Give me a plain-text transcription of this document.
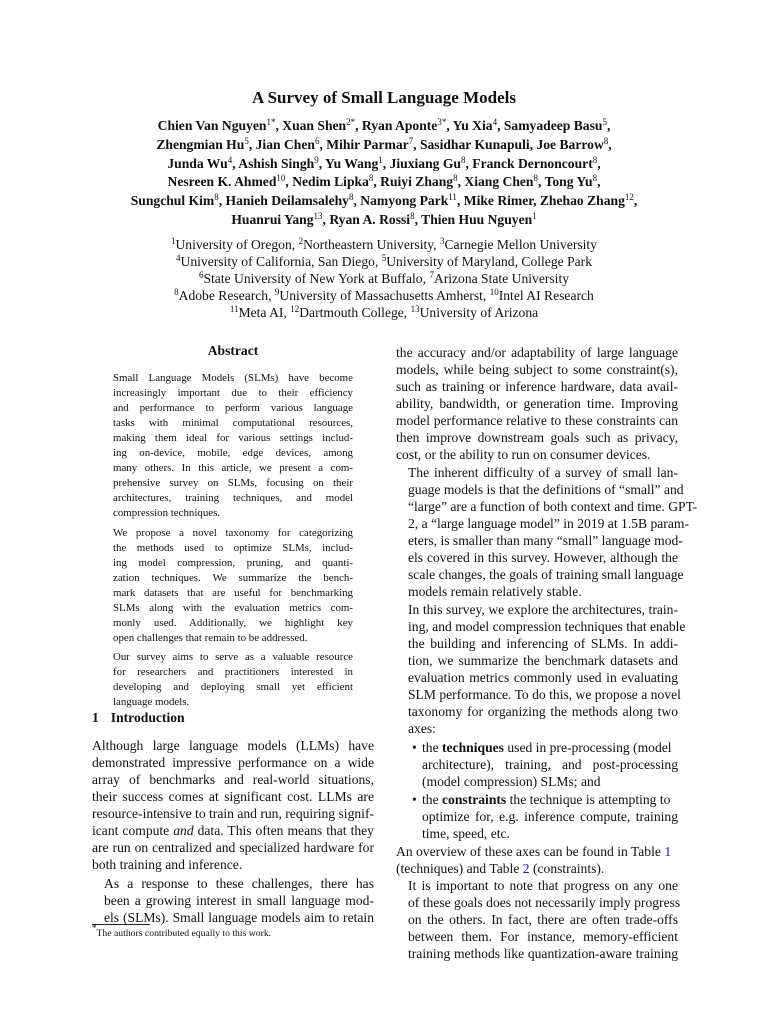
A Survey of Small Language Models
Chien Van Nguyen$^{1*}$, Xuan Shen$^{2*}$, Ryan Aponte$^{3*}$, Yu Xia$^4$, Samyadeep Basu$^5$,
Zhengmian Hu$^5$, Jian Chen$^6$, Mihir Parmar$^7$, Sasidhar Kunapuli, Joe Barrow$^8$,
Junda Wu$^4$, Ashish Singh$^9$, Yu Wang$^1$, Jiuxiang Gu$^8$, Franck Dernoncourt$^8$,
Nesreen K. Ahmed$^{10}$, Nedim Lipka$^8$, Ruiyi Zhang$^8$, Xiang Chen$^8$, Tong Yu$^8$,
Sungchul Kim$^8$, Hanieh Deilamsalehy$^8$, Namyong Park$^{11}$, Mike Rimer, Zhehao Zhang$^{12}$,
Huanrui Yang$^{13}$, Ryan A. Rossi$^8$, Thien Huu Nguyen$^1$
$^1$University of Oregon, $^2$Northeastern University, $^3$Carnegie Mellon University
$^4$University of California, San Diego, $^5$University of Maryland, College Park
$^6$State University of New York at Buffalo, $^7$Arizona State University
$^8$Adobe Research, $^9$University of Massachusetts Amherst, $^{10}$Intel AI Research
$^{11}$Meta AI, $^{12}$Dartmouth College, $^{13}$University of Arizona
Abstract

Small Language Models (SLMs) have become
increasingly important due to their efficiency
and performance to perform various language
tasks with minimal computational resources,
making them ideal for various settings includ-
ing on-device, mobile, edge devices, among
many others. In this article, we present a com-
prehensive survey on SLMs, focusing on their
architectures, training techniques, and model
compression techniques.

We propose a novel taxonomy for categorizing
the methods used to optimize SLMs, includ-
ing model compression, pruning, and quanti-
zation techniques. We summarize the bench-
mark datasets that are useful for benchmarking
SLMs along with the evaluation metrics com-
monly used. Additionally, we highlight key
open challenges that remain to be addressed.

Our survey aims to serve as a valuable resource
for researchers and practitioners interested in
developing and deploying small yet efficient
language models.

1 Introduction

Although large language models (LLMs) have
demonstrated impressive performance on a wide
array of benchmarks and real-world situations,
their success comes at significant cost. LLMs are
resource-intensive to train and run, requiring signif-
icant compute and data. This often means that they
are run on centralized and specialized hardware for
both training and inference.

As a response to these challenges, there has
been a growing interest in small language mod-
els (SLMs). Small language models aim to retain

the accuracy and/or adaptability of large language
models, while being subject to some constraint(s),
such as training or inference hardware, data avail-
ability, bandwidth, or generation time. Improving
model performance relative to these constraints can
then improve downstream goals such as privacy,
cost, or the ability to run on consumer devices.

The inherent difficulty of a survey of small lan-
guage models is that the definitions of “small” and
“large” are a function of both context and time. GPT-
2, a “large language model” in 2019 at 1.5B param-
eters, is smaller than many “small” language mod-
els covered in this survey. However, although the
scale changes, the goals of training small language
models remain relatively stable.

In this survey, we explore the architectures, train-
ing, and model compression techniques that enable
the building and inferencing of SLMs. In addi-
tion, we summarize the benchmark datasets and
evaluation metrics commonly used in evaluating
SLM performance. To do this, we propose a novel
taxonomy for organizing the methods along two
axes:

• the techniques used in pre-processing (model
architecture), training, and post-processing
(model compression) SLMs; and
• the constraints the technique is attempting to
optimize for, e.g. inference compute, training
time, speed, etc.

An overview of these axes can be found in Table 1
(techniques) and Table 2 (constraints).

It is important to note that progress on any one
of these goals does not necessarily imply progress
on the others. In fact, there are often trade-offs
between them. For instance, memory-efficient
training methods like quantization-aware training

*The authors contributed equally to this work.
